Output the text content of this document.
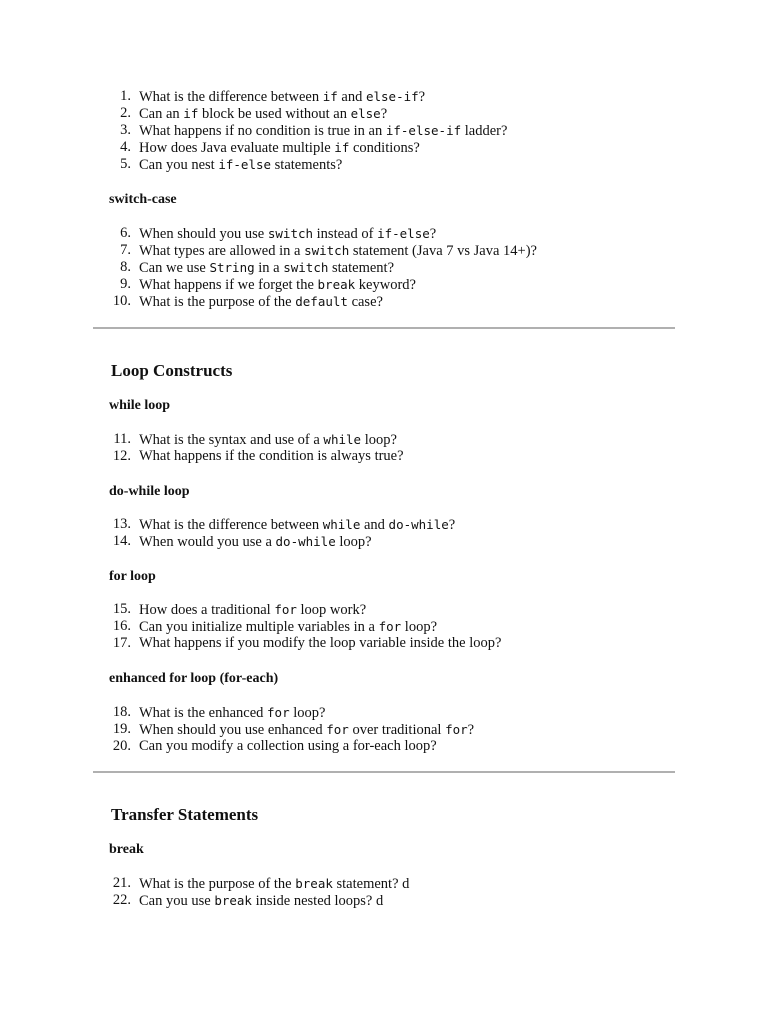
1. What is the difference between if and else-if?
2. Can an if block be used without an else?
3. What happens if no condition is true in an if-else-if ladder?
4. How does Java evaluate multiple if conditions?
5. Can you nest if-else statements?
switch-case
6. When should you use switch instead of if-else?
7. What types are allowed in a switch statement (Java 7 vs Java 14+)?
8. Can we use String in a switch statement?
9. What happens if we forget the break keyword?
10. What is the purpose of the default case?
Loop Constructs
while loop
11. What is the syntax and use of a while loop?
12. What happens if the condition is always true?
do-while loop
13. What is the difference between while and do-while?
14. When would you use a do-while loop?
for loop
15. How does a traditional for loop work?
16. Can you initialize multiple variables in a for loop?
17. What happens if you modify the loop variable inside the loop?
enhanced for loop (for-each)
18. What is the enhanced for loop?
19. When should you use enhanced for over traditional for?
20. Can you modify a collection using a for-each loop?
Transfer Statements
break
21. What is the purpose of the break statement? d
22. Can you use break inside nested loops? d
